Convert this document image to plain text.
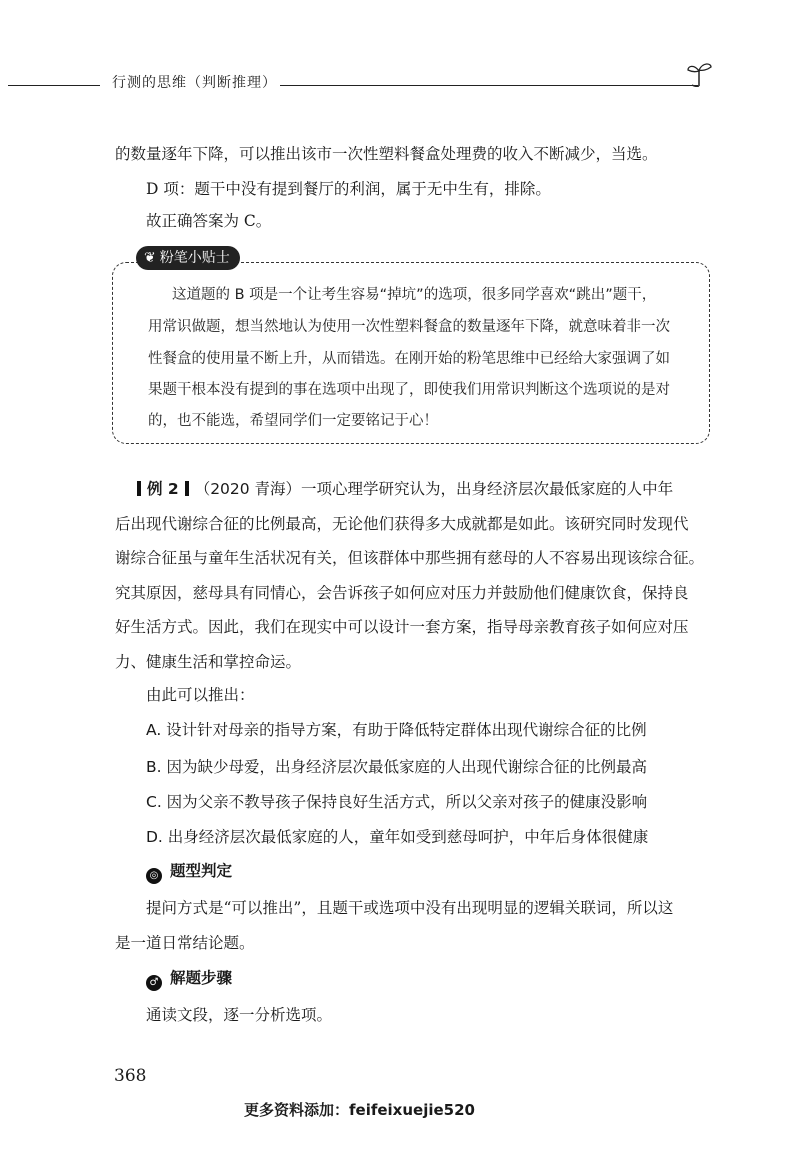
行测的思维（判断推理）
的数量逐年下降，可以推出该市一次性塑料餐盒处理费的收入不断减少，当选。
D 项：题干中没有提到餐厅的利润，属于无中生有，排除。
故正确答案为 C。
❦ 粉笔小贴士
这道题的 B 项是一个让考生容易“掉坑”的选项，很多同学喜欢“跳出”题干，
用常识做题，想当然地认为使用一次性塑料餐盒的数量逐年下降，就意味着非一次
性餐盒的使用量不断上升，从而错选。在刚开始的粉笔思维中已经给大家强调了如
果题干根本没有提到的事在选项中出现了，即使我们用常识判断这个选项说的是对
的，也不能选，希望同学们一定要铭记于心！
例 2 （2020 青海）一项心理学研究认为，出身经济层次最低家庭的人中年
后出现代谢综合征的比例最高，无论他们获得多大成就都是如此。该研究同时发现代
谢综合征虽与童年生活状况有关，但该群体中那些拥有慈母的人不容易出现该综合征。
究其原因，慈母具有同情心，会告诉孩子如何应对压力并鼓励他们健康饮食，保持良
好生活方式。因此，我们在现实中可以设计一套方案，指导母亲教育孩子如何应对压
力、健康生活和掌控命运。
由此可以推出：
A. 设计针对母亲的指导方案，有助于降低特定群体出现代谢综合征的比例
B. 因为缺少母爱，出身经济层次最低家庭的人出现代谢综合征的比例最高
C. 因为父亲不教导孩子保持良好生活方式，所以父亲对孩子的健康没影响
D. 出身经济层次最低家庭的人，童年如受到慈母呵护，中年后身体很健康
◎ 题型判定
提问方式是“可以推出”，且题干或选项中没有出现明显的逻辑关联词，所以这
是一道日常结论题。
♂ 解题步骤
通读文段，逐一分析选项。
368
更多资料添加：feifeixuejie520
